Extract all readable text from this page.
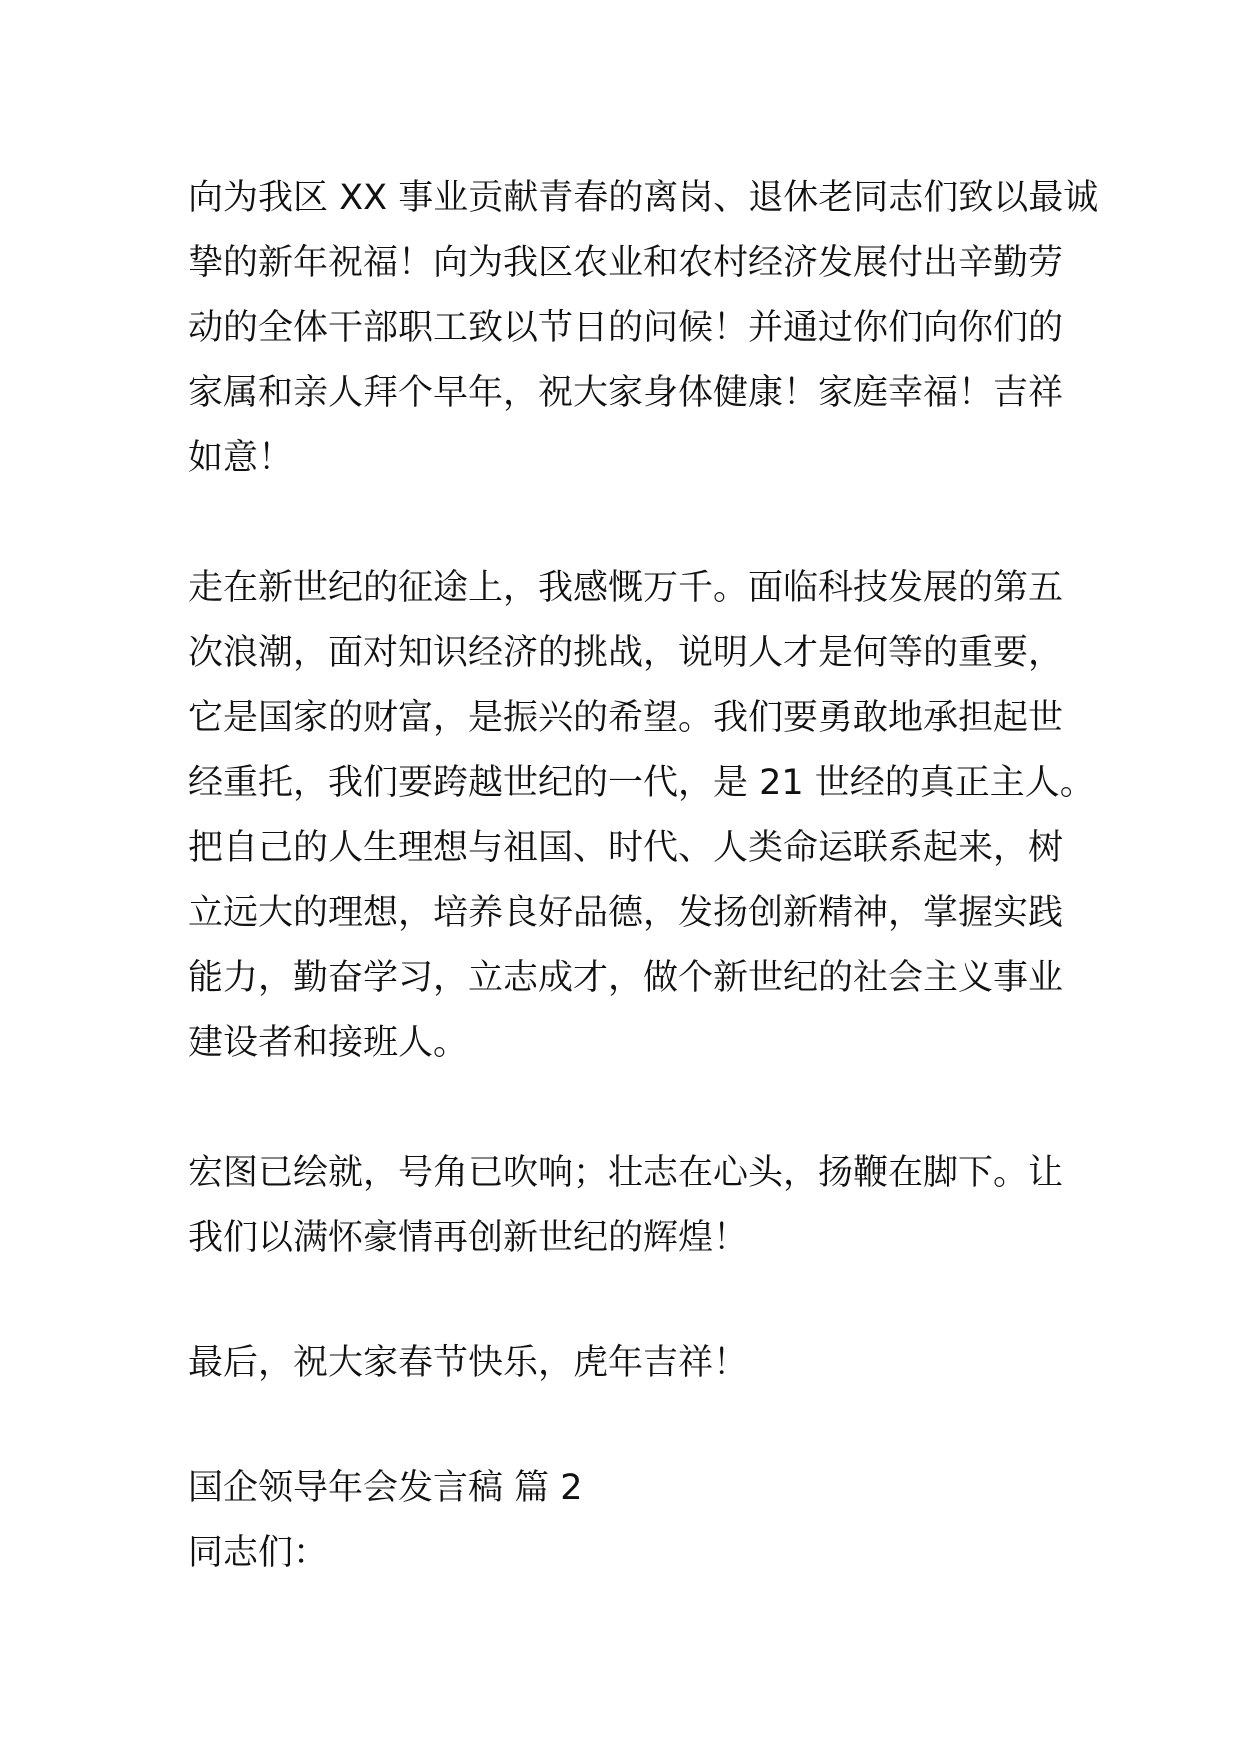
向为我区 XX 事业贡献青春的离岗、退休老同志们致以最诚
挚的新年祝福！向为我区农业和农村经济发展付出辛勤劳
动的全体干部职工致以节日的问候！并通过你们向你们的
家属和亲人拜个早年，祝大家身体健康！家庭幸福！吉祥
如意！
走在新世纪的征途上，我感慨万千。面临科技发展的第五
次浪潮，面对知识经济的挑战，说明人才是何等的重要，
它是国家的财富，是振兴的希望。我们要勇敢地承担起世
经重托，我们要跨越世纪的一代，是 21 世经的真正主人。
把自己的人生理想与祖国、时代、人类命运联系起来，树
立远大的理想，培养良好品德，发扬创新精神，掌握实践
能力，勤奋学习，立志成才，做个新世纪的社会主义事业
建设者和接班人。
宏图已绘就，号角已吹响；壮志在心头，扬鞭在脚下。让
我们以满怀豪情再创新世纪的辉煌！
最后，祝大家春节快乐，虎年吉祥！
国企领导年会发言稿 篇 2
同志们：
